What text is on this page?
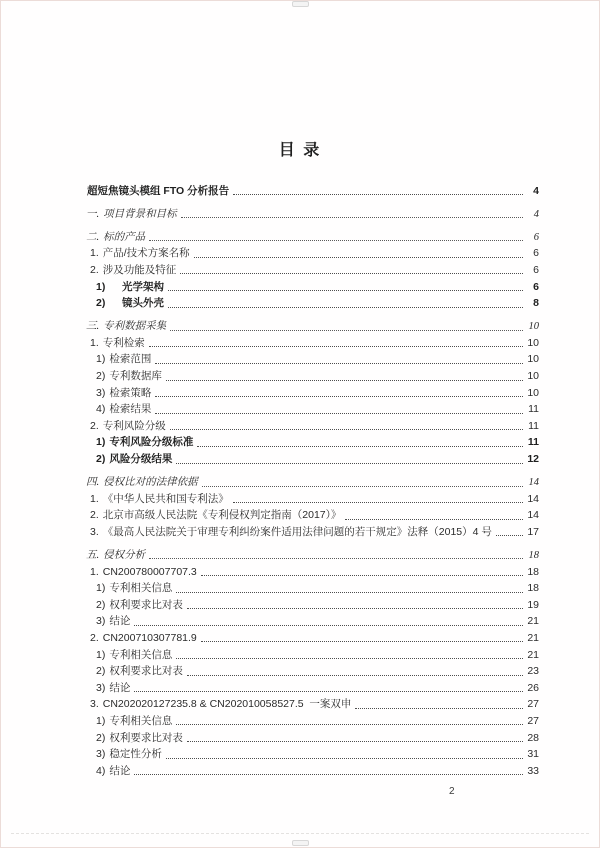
目 录
超短焦镜头模组 FTO 分析报告	4
一. 项目背景和目标	4
二. 标的产品	6
1. 产品/技术方案名称	6
2. 涉及功能及特征	6
1)	光学架构	6
2)	镜头外壳	8
三. 专利数据采集	10
1. 专利检索	10
1) 检索范围	10
2) 专利数据库	10
3) 检索策略	10
4) 检索结果	11
2. 专利风险分级	11
1) 专利风险分级标准	11
2) 风险分级结果	12
四. 侵权比对的法律依据	14
1. 《中华人民共和国专利法》	14
2. 北京市高级人民法院《专利侵权判定指南（2017）》	14
3. 《最高人民法院关于审理专利纠纷案件适用法律问题的若干规定》法释（2015）4 号	17
五. 侵权分析	18
1. CN200780007707.3	18
1) 专利相关信息	18
2) 权利要求比对表	19
3) 结论	21
2. CN200710307781.9	21
1) 专利相关信息	21
2) 权利要求比对表	23
3) 结论	26
3. CN202020127235.8 & CN202010058527.5  一案双申	27
1) 专利相关信息	27
2) 权利要求比对表	28
3) 稳定性分析	31
4) 结论	33
2
